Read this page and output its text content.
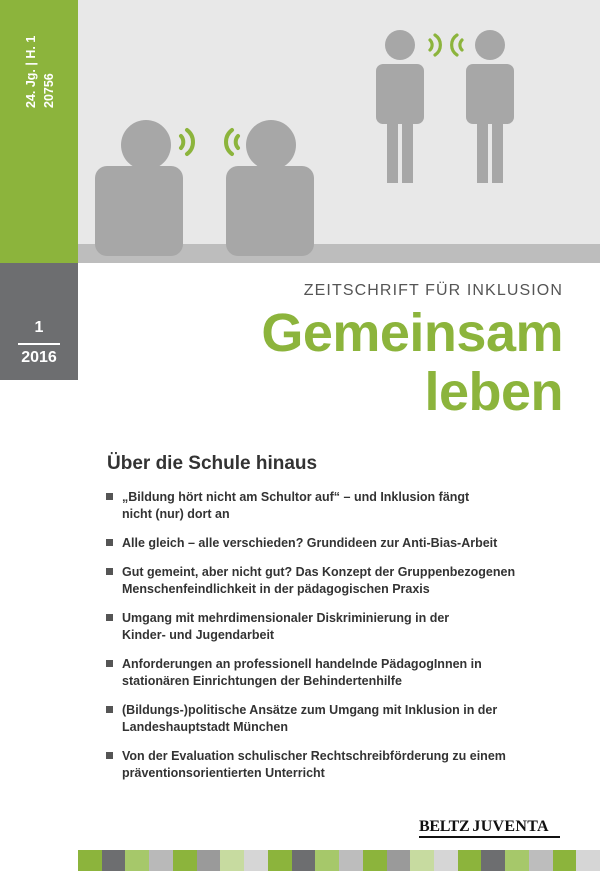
24. Jg. | H. 1 20756
1
2016
ZEITSCHRIFT FÜR INKLUSION
Gemeinsam
leben
Über die Schule hinaus
„Bildung hört nicht am Schultor auf“ – und Inklusion fängt
nicht (nur) dort an
Alle gleich – alle verschieden? Grundideen zur Anti-Bias-Arbeit
Gut gemeint, aber nicht gut? Das Konzept der Gruppenbezogenen
Menschenfeindlichkeit in der pädagogischen Praxis
Umgang mit mehrdimensionaler Diskriminierung in der
Kinder- und Jugendarbeit
Anforderungen an professionell handelnde PädagogInnen in
stationären Einrichtungen der Behindertenhilfe
(Bildungs-)politische Ansätze zum Umgang mit Inklusion in der
Landeshauptstadt München
Von der Evaluation schulischer Rechtschreibförderung zu einem
präventionsorientierten Unterricht
BELTZ JUVENTA
